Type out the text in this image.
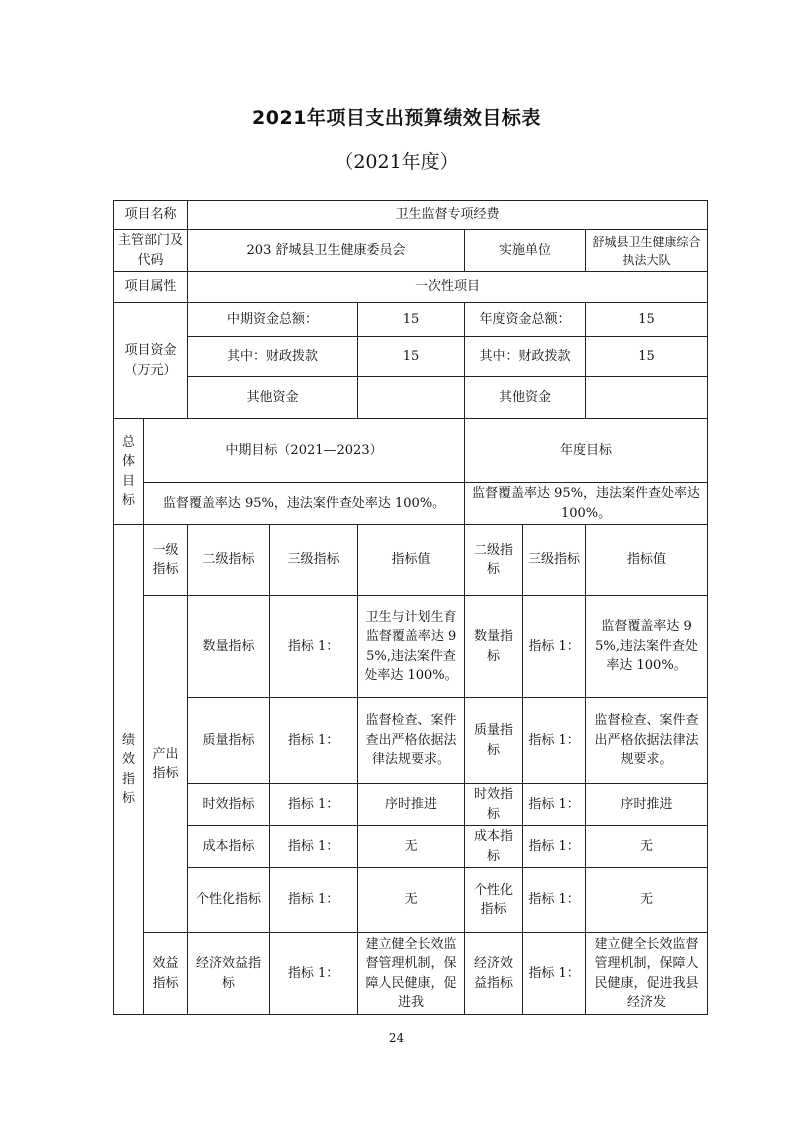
2021年项目支出预算绩效目标表
（2021年度）
项目名称		卫生监督专项经费					
主管部门及代码		203 舒城县卫生健康委员会			实施单位		舒城县卫生健康综合执法大队
项目属性		一次性项目					
项目资金（万元）		中期资金总额：		15	年度资金总额：		15
		其中：财政拨款		15	其中：财政拨款		15
		其他资金			其他资金		
总体目标	中期目标（2021—2023）				年度目标		
	监督覆盖率达 95%，违法案件查处率达 100%。				监督覆盖率达 95%，违法案件查处率达 100%。		
绩效指标	一级指标	二级指标	三级指标	指标值	二级指标	三级指标	指标值
	产出指标	数量指标	指标 1：	卫生与计划生育监督覆盖率达 95%,违法案件查处率达 100%。	数量指标	指标 1：	监督覆盖率达 95%,违法案件查处率达 100%。
		质量指标	指标 1：	监督检查、案件查出严格依据法律法规要求。	质量指标	指标 1：	监督检查、案件查出严格依据法律法规要求。
		时效指标	指标 1：	序时推进	时效指标	指标 1：	序时推进
		成本指标	指标 1：	无	成本指标	指标 1：	无
		个性化指标	指标 1：	无	个性化指标	指标 1：	无
	效益指标	经济效益指标	指标 1：	建立健全长效监督管理机制，保障人民健康，促进我	经济效益指标	指标 1：	建立健全长效监督管理机制，保障人民健康，促进我县经济发
24
